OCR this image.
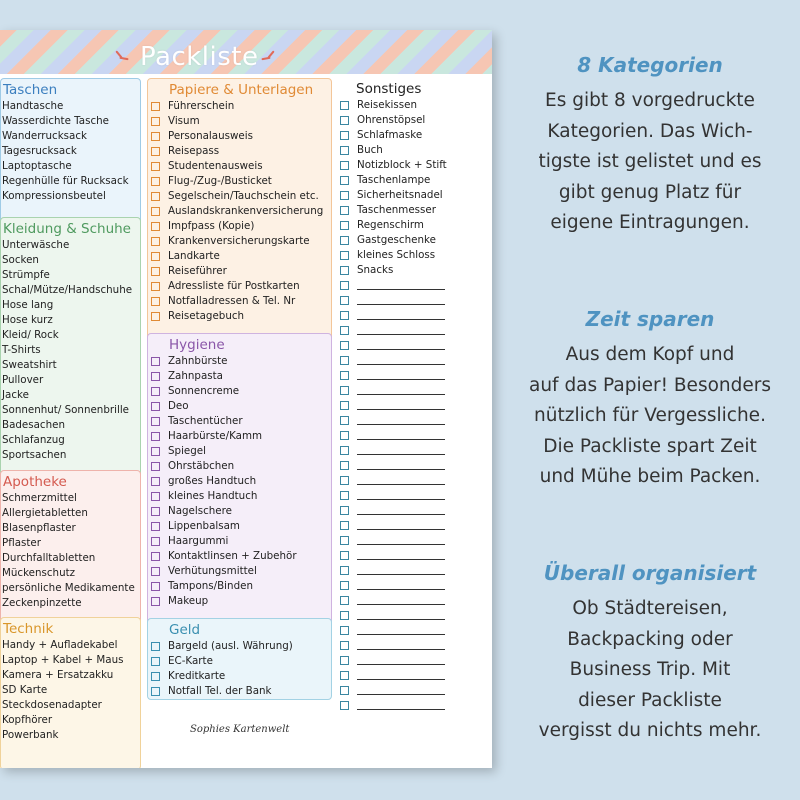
Packliste
Taschen
Handtasche
Wasserdichte Tasche
Wanderrucksack
Tagesrucksack
Laptoptasche
Regenhülle für Rucksack
Kompressionsbeutel
Kleidung & Schuhe
Unterwäsche
Socken
Strümpfe
Schal/Mütze/Handschuhe
Hose lang
Hose kurz
Kleid/ Rock
T-Shirts
Sweatshirt
Pullover
Jacke
Sonnenhut/ Sonnenbrille
Badesachen
Schlafanzug
Sportsachen
Apotheke
Schmerzmittel
Allergietabletten
Blasenpflaster
Pflaster
Durchfalltabletten
Mückenschutz
persönliche Medikamente
Zeckenpinzette
Technik
Handy + Aufladekabel
Laptop + Kabel + Maus
Kamera + Ersatzakku
SD Karte
Steckdosenadapter
Kopfhörer
Powerbank
Papiere & Unterlagen
Führerschein
Visum
Personalausweis
Reisepass
Studentenausweis
Flug-/Zug-/Busticket
Segelschein/Tauchschein etc.
Auslandskrankenversicherung
Impfpass (Kopie)
Krankenversicherungskarte
Landkarte
Reiseführer
Adressliste für Postkarten
Notfalladressen & Tel. Nr
Reisetagebuch
Hygiene
Zahnbürste
Zahnpasta
Sonnencreme
Deo
Taschentücher
Haarbürste/Kamm
Spiegel
Ohrstäbchen
großes Handtuch
kleines Handtuch
Nagelschere
Lippenbalsam
Haargummi
Kontaktlinsen + Zubehör
Verhütungsmittel
Tampons/Binden
Makeup
Geld
Bargeld (ausl. Währung)
EC-Karte
Kreditkarte
Notfall Tel. der Bank
Sonstiges
Reisekissen
Ohrenstöpsel
Schlafmaske
Buch
Notizblock + Stift
Taschenlampe
Sicherheitsnadel
Taschenmesser
Regenschirm
Gastgeschenke
kleines Schloss
Snacks
Sophies Kartenwelt
8 Kategorien
Es gibt 8 vorgedruckte
Kategorien. Das Wich-
tigste ist gelistet und es
gibt genug Platz für
eigene Eintragungen.
Zeit sparen
Aus dem Kopf und
auf das Papier! Besonders
nützlich für Vergessliche.
Die Packliste spart Zeit
und Mühe beim Packen.
Überall organisiert
Ob Städtereisen,
Backpacking oder
Business Trip. Mit
dieser Packliste
vergisst du nichts mehr.
